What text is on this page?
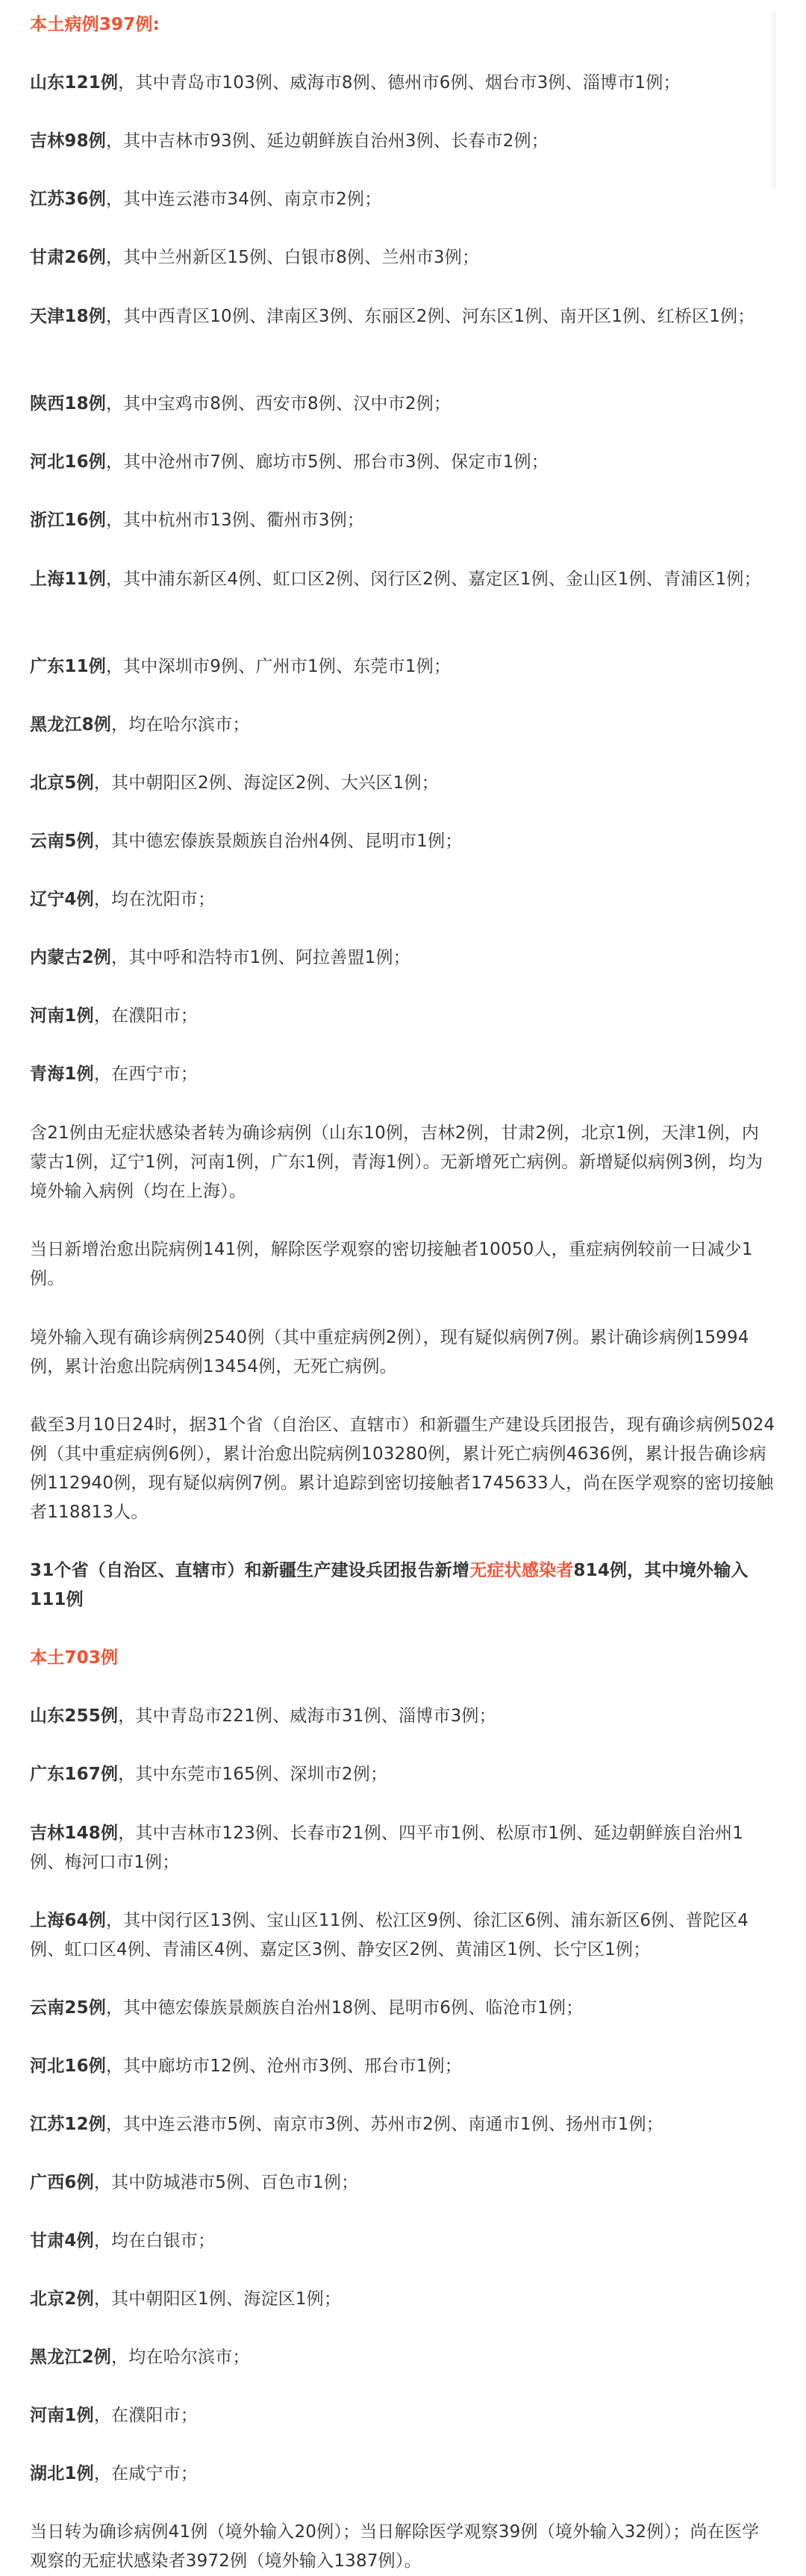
本土病例397例:

山东121例，其中青岛市103例、威海市8例、德州市6例、烟台市3例、淄博市1例；

吉林98例，其中吉林市93例、延边朝鲜族自治州3例、长春市2例；

江苏36例，其中连云港市34例、南京市2例；

甘肃26例，其中兰州新区15例、白银市8例、兰州市3例；

天津18例，其中西青区10例、津南区3例、东丽区2例、河东区1例、南开区1例、红桥区1例；

陕西18例，其中宝鸡市8例、西安市8例、汉中市2例；

河北16例，其中沧州市7例、廊坊市5例、邢台市3例、保定市1例；

浙江16例，其中杭州市13例、衢州市3例；

上海11例，其中浦东新区4例、虹口区2例、闵行区2例、嘉定区1例、金山区1例、青浦区1例；

广东11例，其中深圳市9例、广州市1例、东莞市1例；

黑龙江8例，均在哈尔滨市；

北京5例，其中朝阳区2例、海淀区2例、大兴区1例；

云南5例，其中德宏傣族景颇族自治州4例、昆明市1例；

辽宁4例，均在沈阳市；

内蒙古2例，其中呼和浩特市1例、阿拉善盟1例；

河南1例，在濮阳市；

青海1例，在西宁市；

含21例由无症状感染者转为确诊病例（山东10例，吉林2例，甘肃2例，北京1例，天津1例，内蒙古1例，辽宁1例，河南1例，广东1例，青海1例）。无新增死亡病例。新增疑似病例3例，均为境外输入病例（均在上海）。

当日新增治愈出院病例141例，解除医学观察的密切接触者10050人，重症病例较前一日减少1例。

境外输入现有确诊病例2540例（其中重症病例2例），现有疑似病例7例。累计确诊病例15994例，累计治愈出院病例13454例，无死亡病例。

截至3月10日24时，据31个省（自治区、直辖市）和新疆生产建设兵团报告，现有确诊病例5024例（其中重症病例6例），累计治愈出院病例103280例，累计死亡病例4636例，累计报告确诊病例112940例，现有疑似病例7例。累计追踪到密切接触者1745633人，尚在医学观察的密切接触者118813人。

31个省（自治区、直辖市）和新疆生产建设兵团报告新增无症状感染者814例，其中境外输入111例

本土703例

山东255例，其中青岛市221例、威海市31例、淄博市3例；

广东167例，其中东莞市165例、深圳市2例；

吉林148例，其中吉林市123例、长春市21例、四平市1例、松原市1例、延边朝鲜族自治州1例、梅河口市1例；

上海64例，其中闵行区13例、宝山区11例、松江区9例、徐汇区6例、浦东新区6例、普陀区4例、虹口区4例、青浦区4例、嘉定区3例、静安区2例、黄浦区1例、长宁区1例；

云南25例，其中德宏傣族景颇族自治州18例、昆明市6例、临沧市1例；

河北16例，其中廊坊市12例、沧州市3例、邢台市1例；

江苏12例，其中连云港市5例、南京市3例、苏州市2例、南通市1例、扬州市1例；

广西6例，其中防城港市5例、百色市1例；

甘肃4例，均在白银市；

北京2例，其中朝阳区1例、海淀区1例；

黑龙江2例，均在哈尔滨市；

河南1例，在濮阳市；

湖北1例，在咸宁市；

当日转为确诊病例41例（境外输入20例）；当日解除医学观察39例（境外输入32例）；尚在医学观察的无症状感染者3972例（境外输入1387例）。
